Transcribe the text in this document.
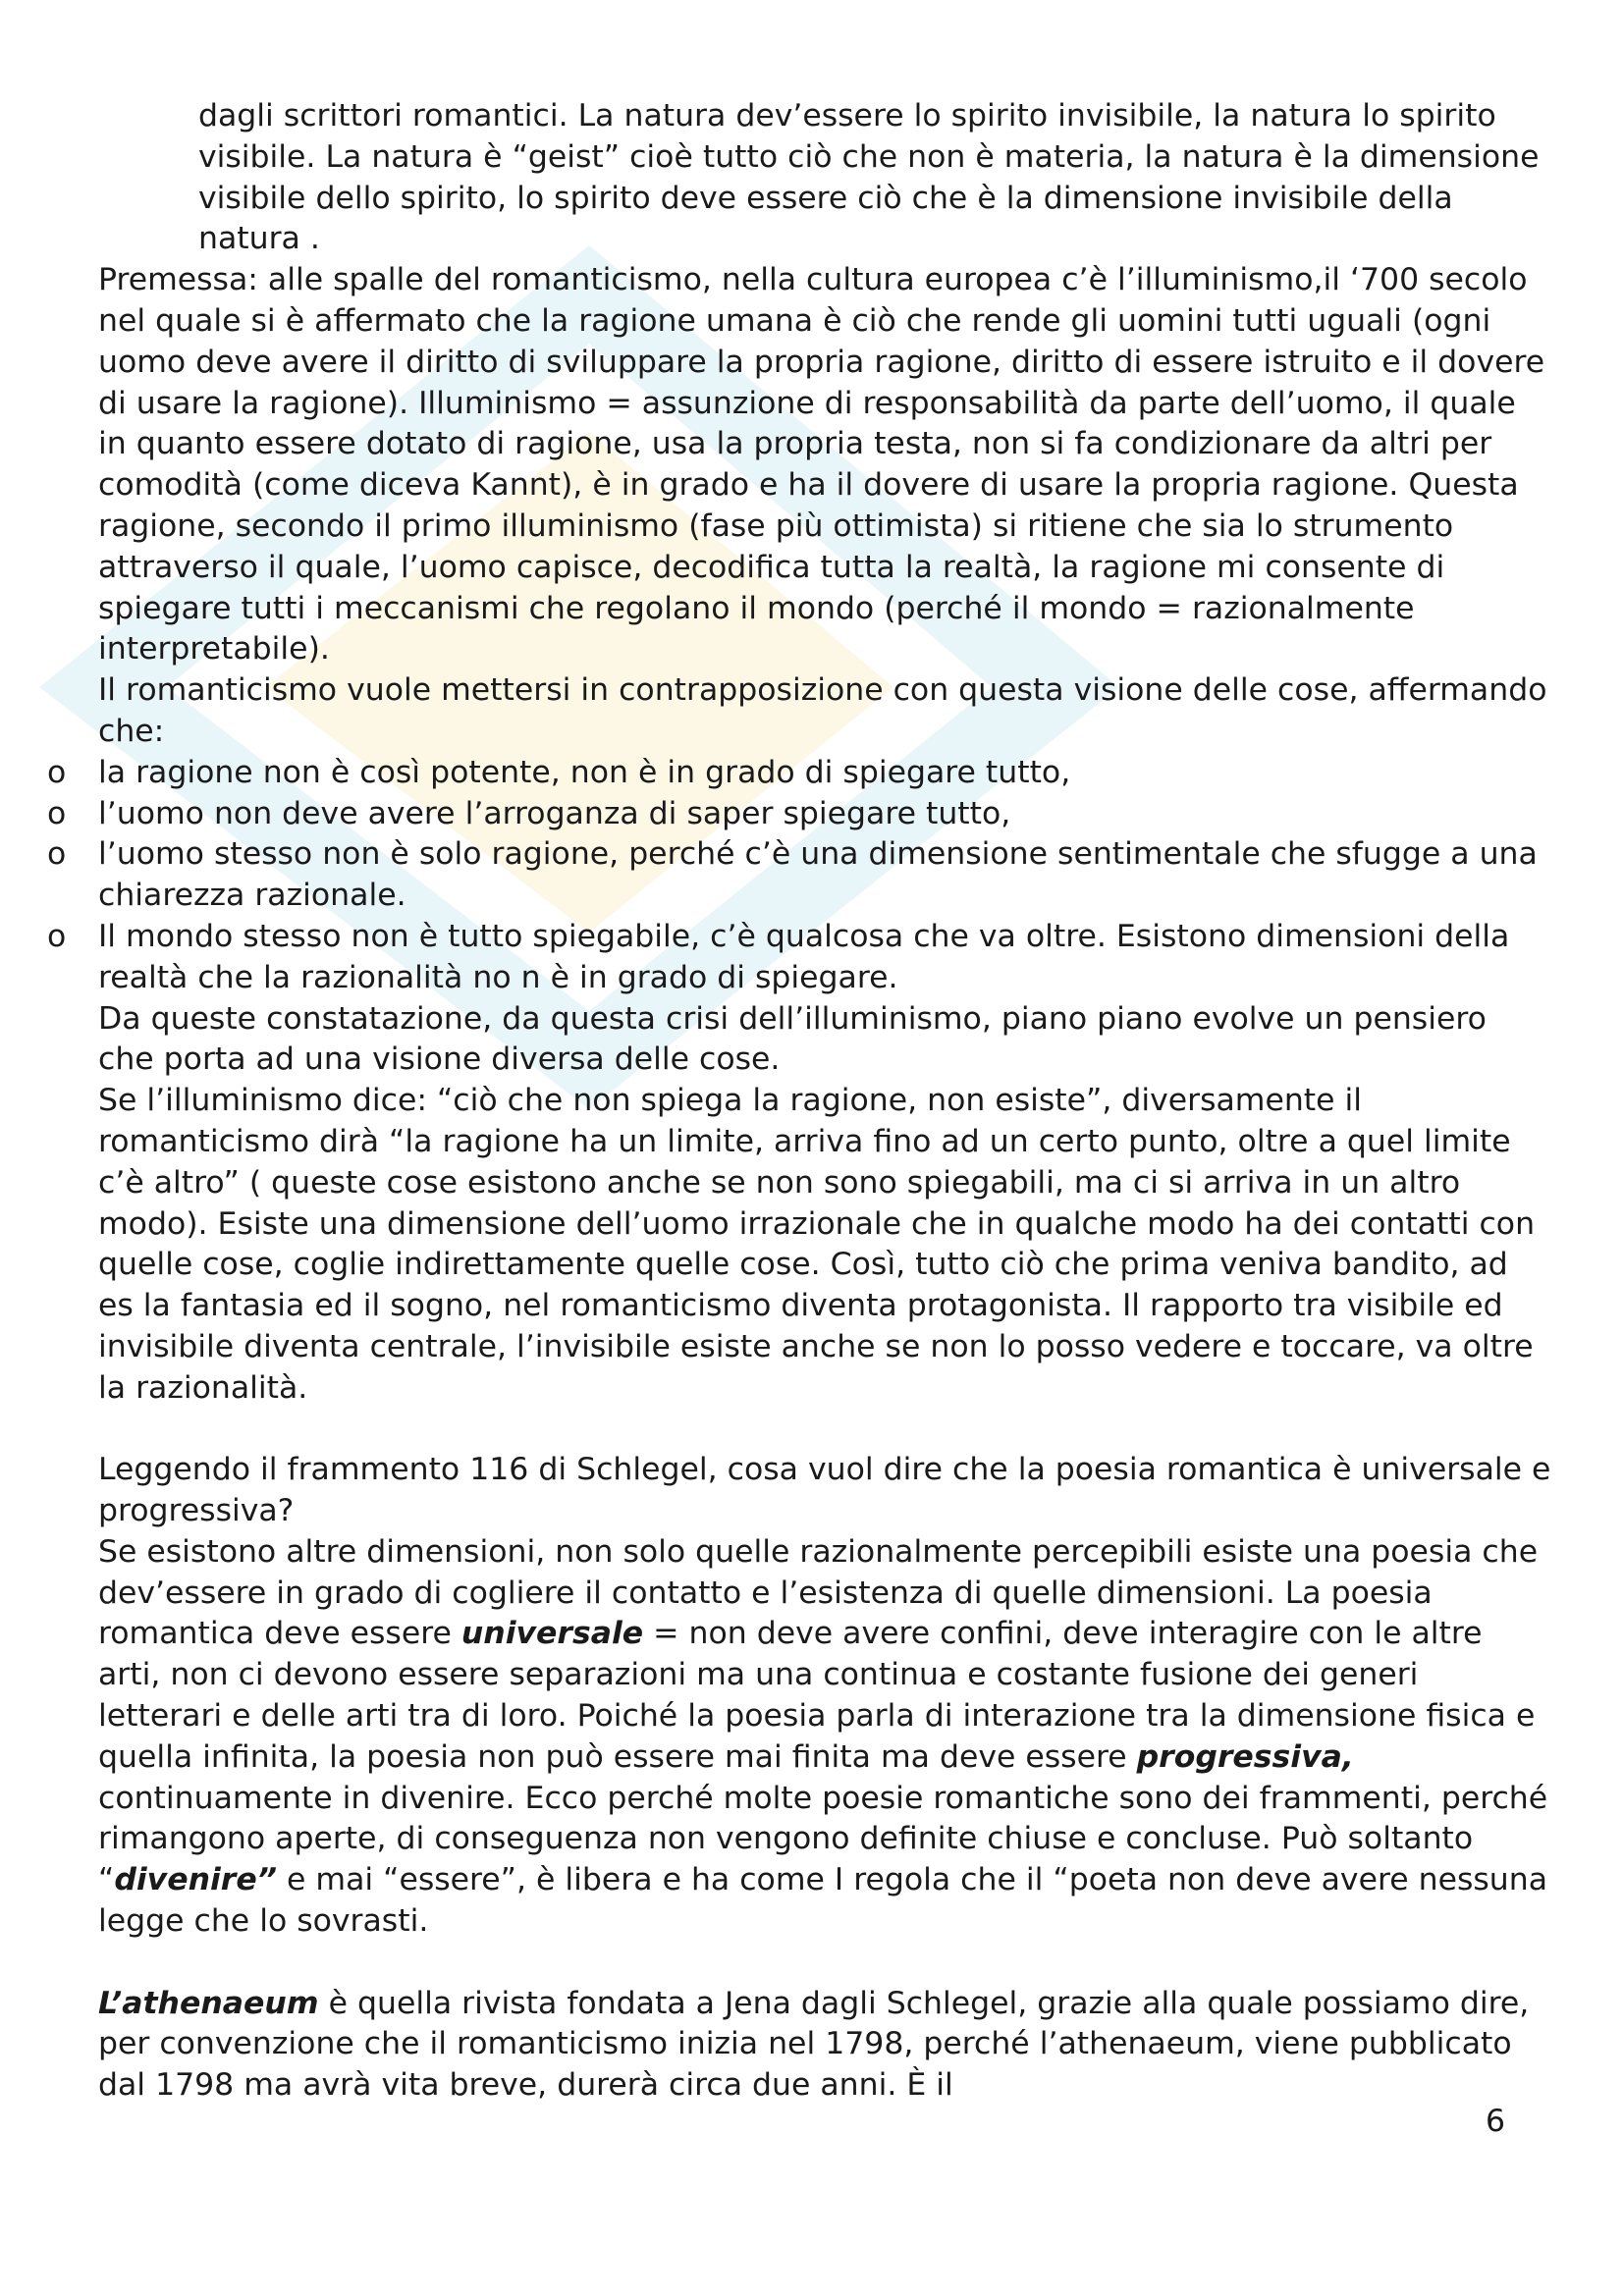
dagli scrittori romantici. La natura dev’essere lo spirito invisibile, la natura lo spirito visibile. La natura è “geist” cioè tutto ciò che non è materia, la natura è la dimensione visibile dello spirito, lo spirito deve essere ciò che è la dimensione invisibile della natura .

Premessa: alle spalle del romanticismo, nella cultura europea c’è l’illuminismo,il ‘700 secolo nel quale si è affermato che la ragione umana è ciò che rende gli uomini tutti uguali (ogni uomo deve avere il diritto di sviluppare la propria ragione, diritto di essere istruito e il dovere di usare la ragione). Illuminismo = assunzione di responsabilità da parte dell’uomo, il quale in quanto essere dotato di ragione, usa la propria testa, non si fa condizionare da altri per comodità (come diceva Kannt), è in grado e ha il dovere di usare la propria ragione. Questa ragione, secondo il primo illuminismo (fase più ottimista) si ritiene che sia lo strumento attraverso il quale, l’uomo capisce, decodifica tutta la realtà, la ragione mi consente di spiegare tutti i meccanismi che regolano il mondo (perché il mondo = razionalmente interpretabile).

Il romanticismo vuole mettersi in contrapposizione con questa visione delle cose, affermando che:

o la ragione non è così potente, non è in grado di spiegare tutto,
o l’uomo non deve avere l’arroganza di saper spiegare tutto,
o l’uomo stesso non è solo ragione, perché c’è una dimensione sentimentale che sfugge a una chiarezza razionale.
o Il mondo stesso non è tutto spiegabile, c’è qualcosa che va oltre. Esistono dimensioni della realtà che la razionalità no n è in grado di spiegare.

Da queste constatazione, da questa crisi dell’illuminismo, piano piano evolve un pensiero che porta ad una visione diversa delle cose.

Se l’illuminismo dice: “ciò che non spiega la ragione, non esiste”, diversamente il romanticismo dirà “la ragione ha un limite, arriva fino ad un certo punto, oltre a quel limite c’è altro” ( queste cose esistono anche se non sono spiegabili, ma ci si arriva in un altro modo). Esiste una dimensione dell’uomo irrazionale che in qualche modo ha dei contatti con quelle cose, coglie indirettamente quelle cose. Così, tutto ciò che prima veniva bandito, ad es la fantasia ed il sogno, nel romanticismo diventa protagonista. Il rapporto tra visibile ed invisibile diventa centrale, l’invisibile esiste anche se non lo posso vedere e toccare, va oltre la razionalità.

Leggendo il frammento 116 di Schlegel, cosa vuol dire che la poesia romantica è universale e progressiva?

Se esistono altre dimensioni, non solo quelle razionalmente percepibili esiste una poesia che dev’essere in grado di cogliere il contatto e l’esistenza di quelle dimensioni. La poesia romantica deve essere universale = non deve avere confini, deve interagire con le altre arti, non ci devono essere separazioni ma una continua e costante fusione dei generi letterari e delle arti tra di loro. Poiché la poesia parla di interazione tra la dimensione fisica e quella infinita, la poesia non può essere mai finita ma deve essere progressiva, continuamente in divenire. Ecco perché molte poesie romantiche sono dei frammenti, perché rimangono aperte, di conseguenza non vengono definite chiuse e concluse. Può soltanto “divenire” e mai “essere”, è libera e ha come I regola che il “poeta non deve avere nessuna legge che lo sovrasti.

L’athenaeum è quella rivista fondata a Jena dagli Schlegel, grazie alla quale possiamo dire, per convenzione che il romanticismo inizia nel 1798, perché l’athenaeum, viene pubblicato dal 1798 ma avrà vita breve, durerà circa due anni. È il

6
